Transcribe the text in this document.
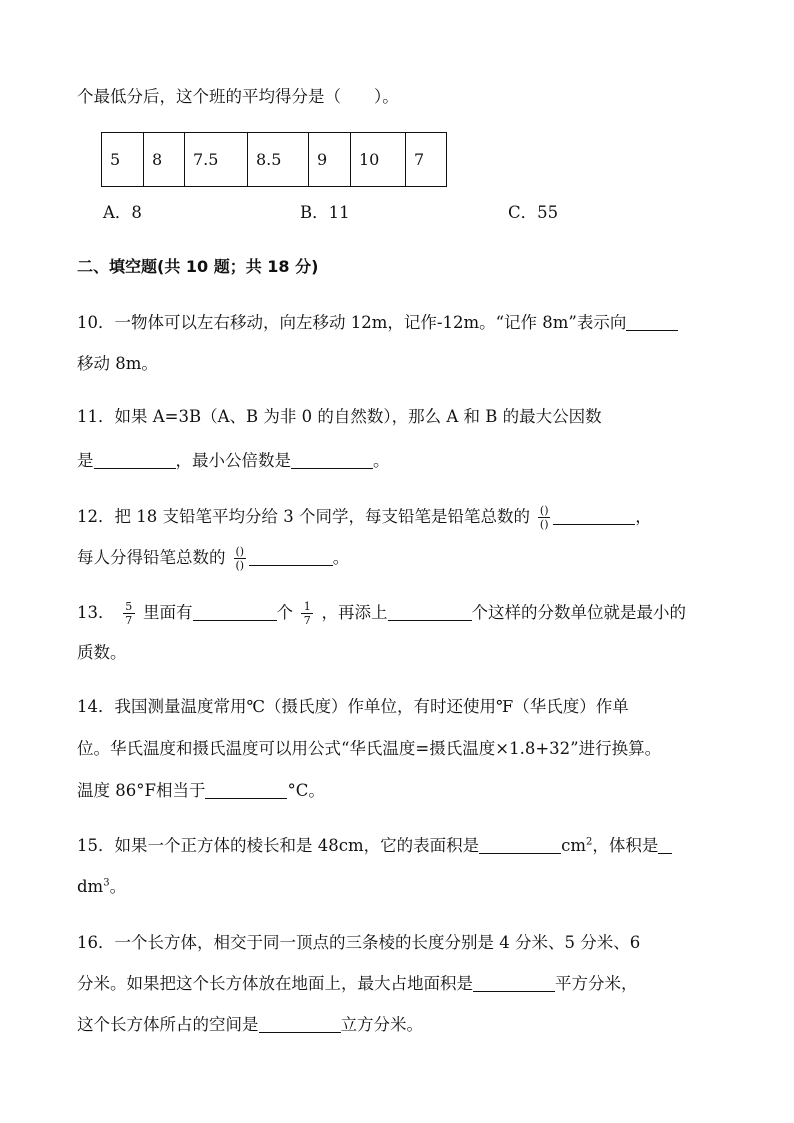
个最低分后，这个班的平均得分是（　　）。
5	8	7.5	8.5	9	10	7
A．8	B．11	C．55
二、填空题(共 10 题；共 18 分)
10．一物体可以左右移动，向左移动 12m，记作-12m。“记作 8m”表示向
移动 8m。
11．如果 A=3B（A、B 为非 0 的自然数），那么 A 和 B 的最大公因数
是	，最小公倍数是	。
12．把 18 支铅笔平均分给 3 个同学，每支铅笔是铅笔总数的 $\frac{()}{()}$	，
每人分得铅笔总数的 $\frac{()}{()}$	。
13． $\frac{5}{7}$ 里面有	个 $\frac{1}{7}$ ，再添上	个这样的分数单位就是最小的
质数。
14．我国测量温度常用℃（摄氏度）作单位，有时还使用℉（华氏度）作单
位。华氏温度和摄氏温度可以用公式“华氏温度=摄氏温度×1.8+32”进行换算。
温度 86°F相当于	°C。
15．如果一个正方体的棱长和是 48cm，它的表面积是	$cm^2$，体积是
$dm^3$。
16．一个长方体，相交于同一顶点的三条棱的长度分别是 4 分米、5 分米、6
分米。如果把这个长方体放在地面上，最大占地面积是	平方分米，
这个长方体所占的空间是	立方分米。
